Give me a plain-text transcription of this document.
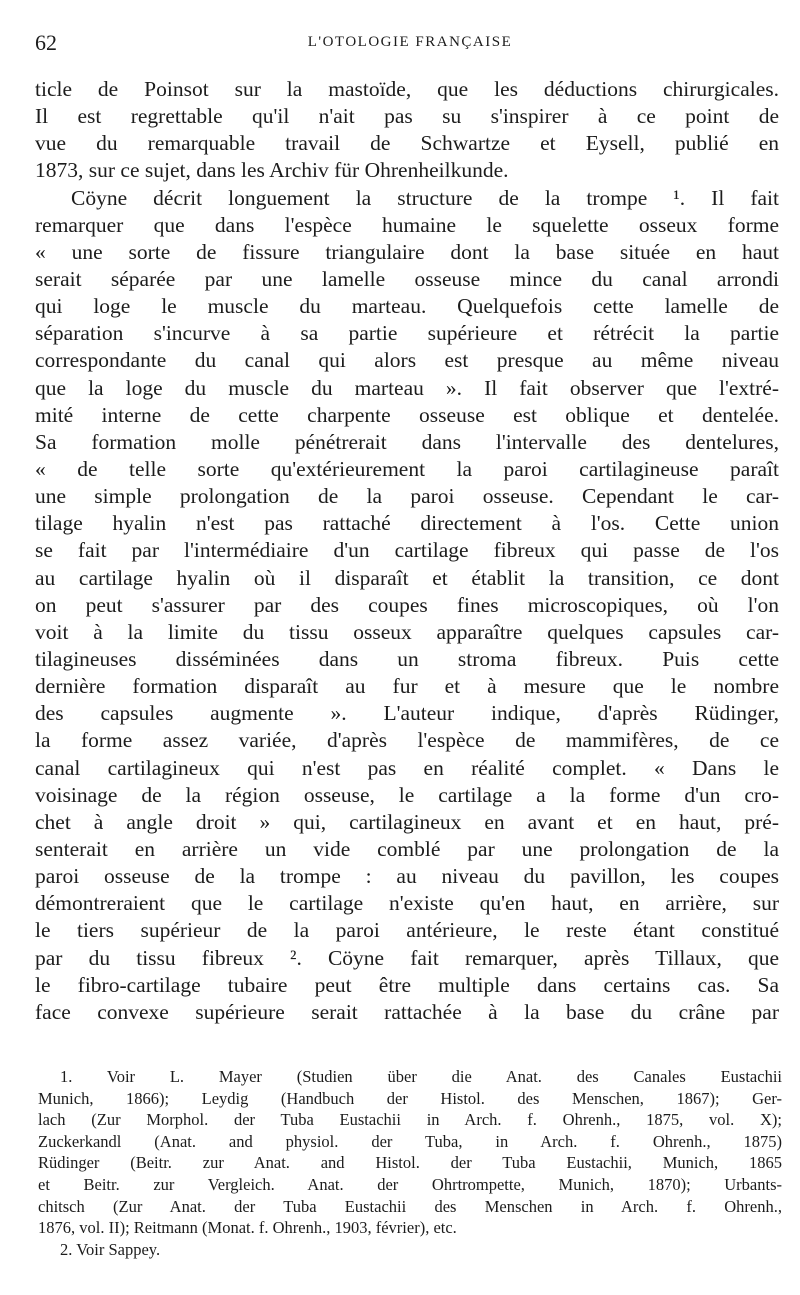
62	L'OTOLOGIE FRANÇAISE
ticle de Poinsot sur la mastoïde, que les déductions chirurgicales.
Il est regrettable qu'il n'ait pas su s'inspirer à ce point de
vue du remarquable travail de Schwartze et Eysell, publié en
1873, sur ce sujet, dans les Archiv für Ohrenheilkunde.
Cöyne décrit longuement la structure de la trompe ¹. Il fait
remarquer que dans l'espèce humaine le squelette osseux forme
« une sorte de fissure triangulaire dont la base située en haut
serait séparée par une lamelle osseuse mince du canal arrondi
qui loge le muscle du marteau. Quelquefois cette lamelle de
séparation s'incurve à sa partie supérieure et rétrécit la partie
correspondante du canal qui alors est presque au même niveau
que la loge du muscle du marteau ». Il fait observer que l'extré-
mité interne de cette charpente osseuse est oblique et dentelée.
Sa formation molle pénétrerait dans l'intervalle des dentelures,
« de telle sorte qu'extérieurement la paroi cartilagineuse paraît
une simple prolongation de la paroi osseuse. Cependant le car-
tilage hyalin n'est pas rattaché directement à l'os. Cette union
se fait par l'intermédiaire d'un cartilage fibreux qui passe de l'os
au cartilage hyalin où il disparaît et établit la transition, ce dont
on peut s'assurer par des coupes fines microscopiques, où l'on
voit à la limite du tissu osseux apparaître quelques capsules car-
tilagineuses disséminées dans un stroma fibreux. Puis cette
dernière formation disparaît au fur et à mesure que le nombre
des capsules augmente ». L'auteur indique, d'après Rüdinger,
la forme assez variée, d'après l'espèce de mammifères, de ce
canal cartilagineux qui n'est pas en réalité complet. « Dans le
voisinage de la région osseuse, le cartilage a la forme d'un cro-
chet à angle droit » qui, cartilagineux en avant et en haut, pré-
senterait en arrière un vide comblé par une prolongation de la
paroi osseuse de la trompe : au niveau du pavillon, les coupes
démontreraient que le cartilage n'existe qu'en haut, en arrière, sur
le tiers supérieur de la paroi antérieure, le reste étant constitué
par du tissu fibreux ². Cöyne fait remarquer, après Tillaux, que
le fibro-cartilage tubaire peut être multiple dans certains cas. Sa
face convexe supérieure serait rattachée à la base du crâne par
1. Voir L. Mayer (Studien über die Anat. des Canales Eustachii
Munich, 1866); Leydig (Handbuch der Histol. des Menschen, 1867); Ger-
lach (Zur Morphol. der Tuba Eustachii in Arch. f. Ohrenh., 1875, vol. X);
Zuckerkandl (Anat. and physiol. der Tuba, in Arch. f. Ohrenh., 1875)
Rüdinger (Beitr. zur Anat. and Histol. der Tuba Eustachii, Munich, 1865
et Beitr. zur Vergleich. Anat. der Ohrtrompette, Munich, 1870); Urbants-
chitsch (Zur Anat. der Tuba Eustachii des Menschen in Arch. f. Ohrenh.,
1876, vol. II); Reitmann (Monat. f. Ohrenh., 1903, février), etc.
2. Voir Sappey.
